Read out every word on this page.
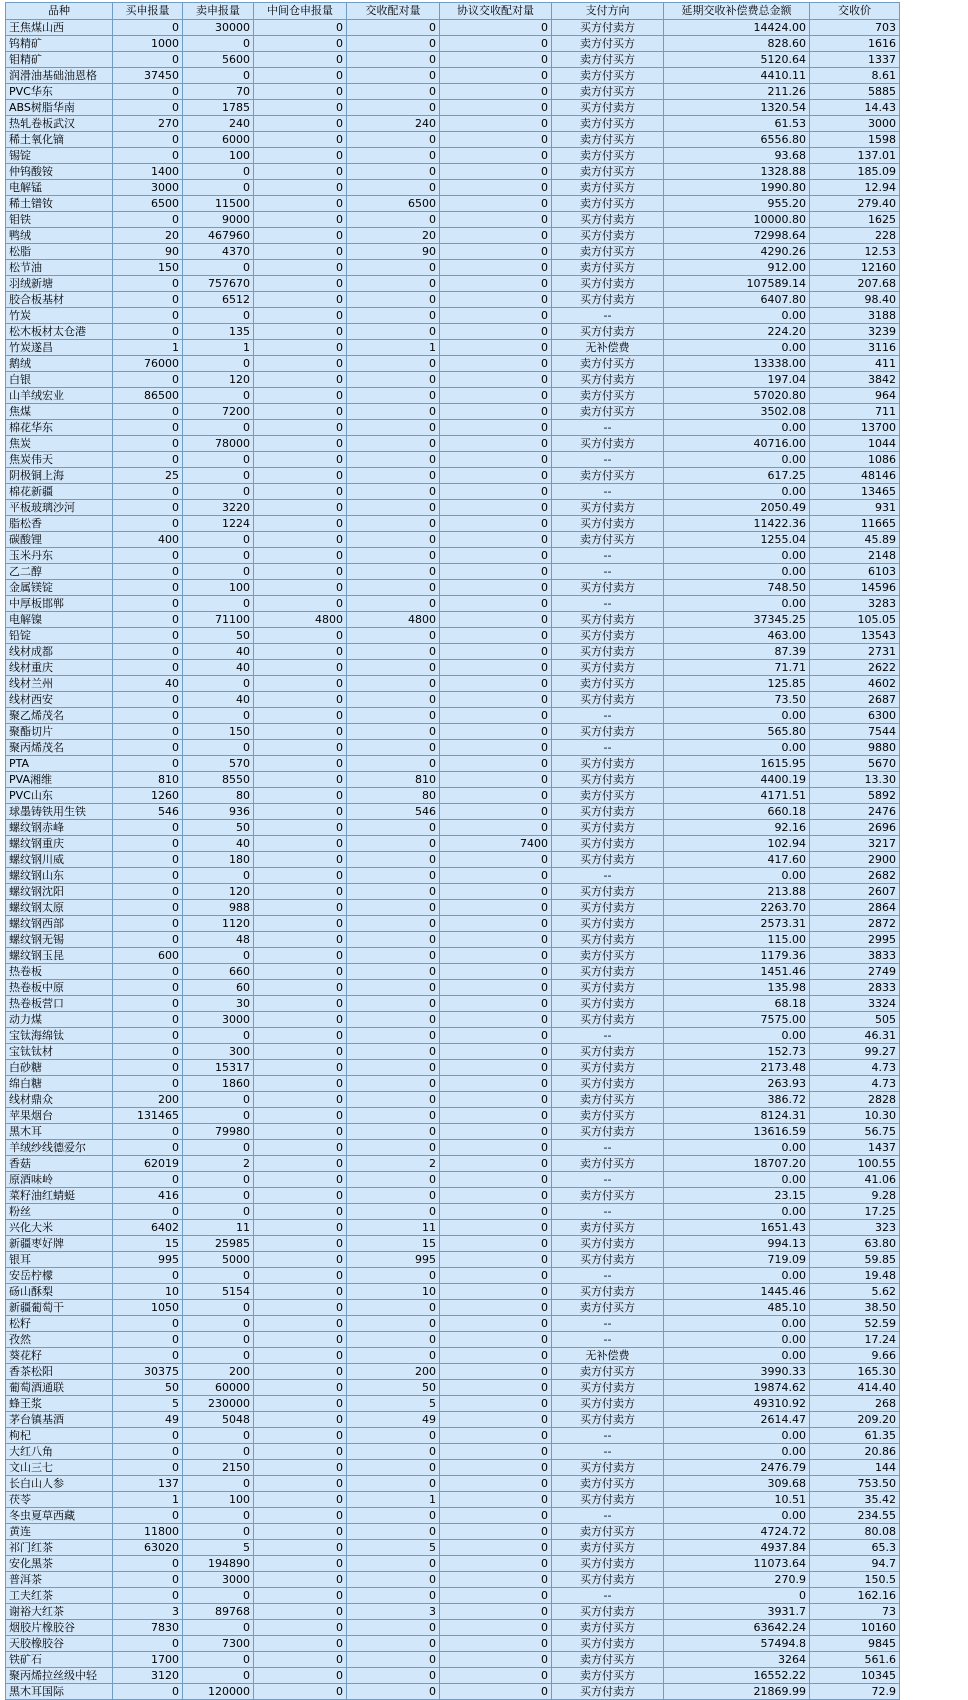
品种	买申报量	卖申报量	中间仓申报量	交收配对量	协议交收配对量	支付方向	延期交收补偿费总金额	交收价
王焦煤山西	0	30000	0	0	0	买方付卖方	14424.00	703
钨精矿	1000	0	0	0	0	卖方付买方	828.60	1616
钼精矿	0	5600	0	0	0	卖方付买方	5120.64	1337
润滑油基础油恩格	37450	0	0	0	0	卖方付买方	4410.11	8.61
PVC华东	0	70	0	0	0	卖方付买方	211.26	5885
ABS树脂华南	0	1785	0	0	0	买方付卖方	1320.54	14.43
热轧卷板武汉	270	240	0	240	0	卖方付买方	61.53	3000
稀土氧化镝	0	6000	0	0	0	卖方付买方	6556.80	1598
锡锭	0	100	0	0	0	卖方付买方	93.68	137.01
仲钨酸铵	1400	0	0	0	0	卖方付买方	1328.88	185.09
电解锰	3000	0	0	0	0	卖方付买方	1990.80	12.94
稀土镨钕	6500	11500	0	6500	0	卖方付买方	955.20	279.40
钼铁	0	9000	0	0	0	买方付卖方	10000.80	1625
鸭绒	20	467960	0	20	0	买方付卖方	72998.64	228
松脂	90	4370	0	90	0	卖方付买方	4290.26	12.53
松节油	150	0	0	0	0	卖方付买方	912.00	12160
羽绒新塘	0	757670	0	0	0	买方付卖方	107589.14	207.68
胶合板基材	0	6512	0	0	0	买方付卖方	6407.80	98.40
竹炭	0	0	0	0	0	--	0.00	3188
松木板材太仓港	0	135	0	0	0	买方付卖方	224.20	3239
竹炭遂昌	1	1	0	1	0	无补偿费	0.00	3116
鹅绒	76000	0	0	0	0	卖方付买方	13338.00	411
白银	0	120	0	0	0	买方付卖方	197.04	3842
山羊绒宏业	86500	0	0	0	0	卖方付买方	57020.80	964
焦煤	0	7200	0	0	0	卖方付买方	3502.08	711
棉花华东	0	0	0	0	0	--	0.00	13700
焦炭	0	78000	0	0	0	买方付卖方	40716.00	1044
焦炭伟天	0	0	0	0	0	--	0.00	1086
阴极铜上海	25	0	0	0	0	卖方付买方	617.25	48146
棉花新疆	0	0	0	0	0	--	0.00	13465
平板玻璃沙河	0	3220	0	0	0	买方付卖方	2050.49	931
脂松香	0	1224	0	0	0	买方付卖方	11422.36	11665
碳酸锂	400	0	0	0	0	卖方付买方	1255.04	45.89
玉米丹东	0	0	0	0	0	--	0.00	2148
乙二醇	0	0	0	0	0	--	0.00	6103
金属镁锭	0	100	0	0	0	买方付卖方	748.50	14596
中厚板邯郸	0	0	0	0	0	--	0.00	3283
电解镍	0	71100	4800	4800	0	买方付卖方	37345.25	105.05
铅锭	0	50	0	0	0	买方付卖方	463.00	13543
线材成都	0	40	0	0	0	买方付卖方	87.39	2731
线材重庆	0	40	0	0	0	买方付卖方	71.71	2622
线材兰州	40	0	0	0	0	卖方付买方	125.85	4602
线材西安	0	40	0	0	0	买方付卖方	73.50	2687
聚乙烯茂名	0	0	0	0	0	--	0.00	6300
聚酯切片	0	150	0	0	0	买方付卖方	565.80	7544
聚丙烯茂名	0	0	0	0	0	--	0.00	9880
PTA	0	570	0	0	0	买方付卖方	1615.95	5670
PVA湘维	810	8550	0	810	0	买方付卖方	4400.19	13.30
PVC山东	1260	80	0	80	0	卖方付买方	4171.51	5892
球墨铸铁用生铁	546	936	0	546	0	买方付卖方	660.18	2476
螺纹钢赤峰	0	50	0	0	0	买方付卖方	92.16	2696
螺纹钢重庆	0	40	0	0	7400	买方付卖方	102.94	3217
螺纹钢川威	0	180	0	0	0	买方付卖方	417.60	2900
螺纹钢山东	0	0	0	0	0	--	0.00	2682
螺纹钢沈阳	0	120	0	0	0	买方付卖方	213.88	2607
螺纹钢太原	0	988	0	0	0	买方付卖方	2263.70	2864
螺纹钢西部	0	1120	0	0	0	买方付卖方	2573.31	2872
螺纹钢无锡	0	48	0	0	0	买方付卖方	115.00	2995
螺纹钢玉昆	600	0	0	0	0	卖方付买方	1179.36	3833
热卷板	0	660	0	0	0	买方付卖方	1451.46	2749
热卷板中原	0	60	0	0	0	买方付卖方	135.98	2833
热卷板营口	0	30	0	0	0	买方付卖方	68.18	3324
动力煤	0	3000	0	0	0	买方付卖方	7575.00	505
宝钛海绵钛	0	0	0	0	0	--	0.00	46.31
宝钛钛材	0	300	0	0	0	买方付卖方	152.73	99.27
白砂糖	0	15317	0	0	0	买方付卖方	2173.48	4.73
绵白糖	0	1860	0	0	0	买方付卖方	263.93	4.73
线材鼎众	200	0	0	0	0	卖方付买方	386.72	2828
苹果烟台	131465	0	0	0	0	卖方付买方	8124.31	10.30
黑木耳	0	79980	0	0	0	买方付卖方	13616.59	56.75
羊绒纱线德爱尔	0	0	0	0	0	--	0.00	1437
香菇	62019	2	0	2	0	卖方付买方	18707.20	100.55
原酒味岭	0	0	0	0	0	--	0.00	41.06
菜籽油红蜻蜓	416	0	0	0	0	卖方付买方	23.15	9.28
粉丝	0	0	0	0	0	--	0.00	17.25
兴化大米	6402	11	0	11	0	卖方付买方	1651.43	323
新疆枣好牌	15	25985	0	15	0	买方付卖方	994.13	63.80
银耳	995	5000	0	995	0	买方付卖方	719.09	59.85
安岳柠檬	0	0	0	0	0	--	0.00	19.48
砀山酥梨	10	5154	0	10	0	买方付卖方	1445.46	5.62
新疆葡萄干	1050	0	0	0	0	卖方付买方	485.10	38.50
松籽	0	0	0	0	0	--	0.00	52.59
孜然	0	0	0	0	0	--	0.00	17.24
葵花籽	0	0	0	0	0	无补偿费	0.00	9.66
香茶松阳	30375	200	0	200	0	卖方付买方	3990.33	165.30
葡萄酒通联	50	60000	0	50	0	买方付卖方	19874.62	414.40
蜂王浆	5	230000	0	5	0	买方付卖方	49310.92	268
茅台镇基酒	49	5048	0	49	0	买方付卖方	2614.47	209.20
枸杞	0	0	0	0	0	--	0.00	61.35
大红八角	0	0	0	0	0	--	0.00	20.86
文山三七	0	2150	0	0	0	买方付卖方	2476.79	144
长白山人参	137	0	0	0	0	卖方付买方	309.68	753.50
茯苓	1	100	0	1	0	买方付卖方	10.51	35.42
冬虫夏草西藏	0	0	0	0	0	--	0.00	234.55
黄连	11800	0	0	0	0	卖方付买方	4724.72	80.08
祁门红茶	63020	5	0	5	0	卖方付买方	4937.84	65.3
安化黑茶	0	194890	0	0	0	买方付卖方	11073.64	94.7
普洱茶	0	3000	0	0	0	买方付卖方	270.9	150.5
工夫红茶	0	0	0	0	0	--	0	162.16
谢裕大红茶	3	89768	0	3	0	买方付卖方	3931.7	73
烟胶片橡胶谷	7830	0	0	0	0	卖方付买方	63642.24	10160
天胶橡胶谷	0	7300	0	0	0	买方付卖方	57494.8	9845
铁矿石	1700	0	0	0	0	卖方付买方	3264	561.6
聚丙烯拉丝级中轻	3120	0	0	0	0	卖方付买方	16552.22	10345
黑木耳国际	0	120000	0	0	0	买方付卖方	21869.99	72.9
